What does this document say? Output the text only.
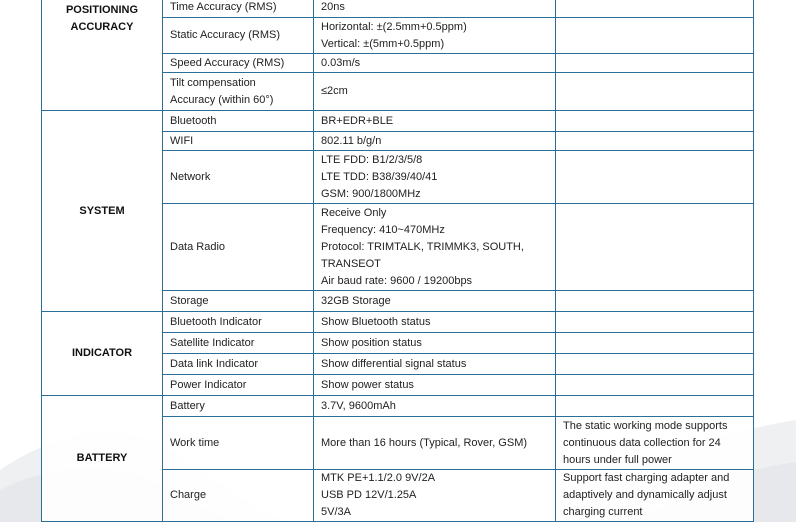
POSITIONING
ACCURACY	Time Accuracy (RMS)	20ns	

	Static Accuracy (RMS)	Horizontal: ±(2.5mm+0.5ppm)
Vertical: ±(5mm+0.5ppm)	

	Speed Accuracy (RMS)	0.03m/s	

	Tilt compensation
Accuracy (within 60°)	≤2cm	

SYSTEM	Bluetooth	BR+EDR+BLE	

	WIFI	802.11 b/g/n	

	Network	LTE FDD: B1/2/3/5/8
LTE TDD: B38/39/40/41
GSM: 900/1800MHz	

	Data Radio	Receive Only
Frequency: 410~470MHz
Protocol: TRIMTALK, TRIMMK3, SOUTH,
TRANSEOT
Air baud rate: 9600 / 19200bps	

	Storage	32GB Storage	

INDICATOR	Bluetooth Indicator	Show Bluetooth status	

	Satellite Indicator	Show position status	

	Data link Indicator	Show differential signal status	

	Power Indicator	Show power status	

BATTERY	Battery	3.7V, 9600mAh	

	Work time	More than 16 hours (Typical, Rover, GSM)	The static working mode supports
continuous data collection for 24
hours under full power

	Charge	MTK PE+1.1/2.0 9V/2A
USB PD 12V/1.25A
5V/3A	Support fast charging adapter and
adaptively and dynamically adjust
charging current
